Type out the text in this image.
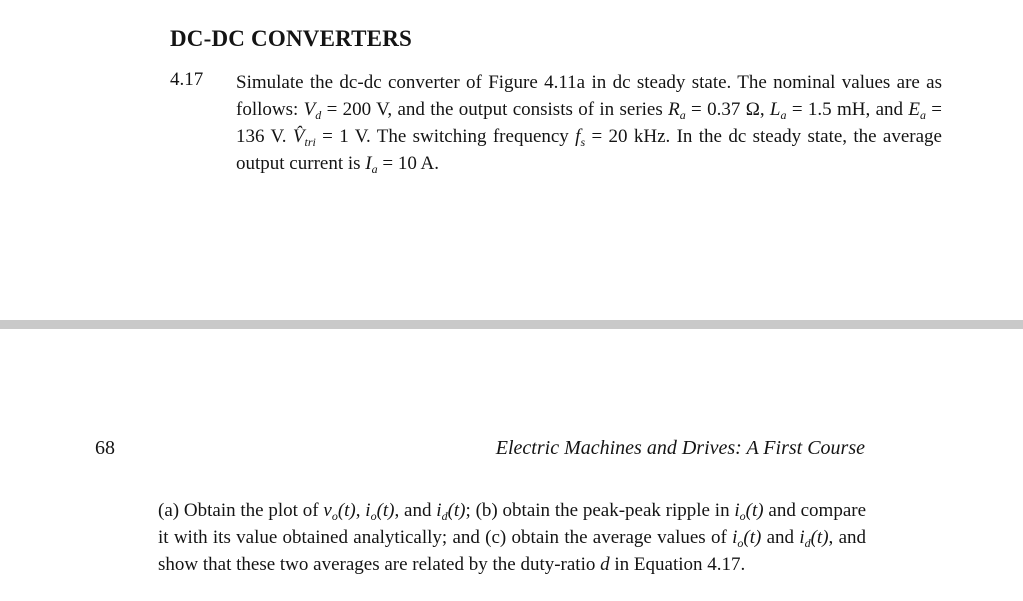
DC-DC CONVERTERS
4.17 Simulate the dc-dc converter of Figure 4.11a in dc steady state. The nominal values are as follows: $V_d = 200$ V, and the output consists of in series $R_a = 0.37$ Ω, $L_a = 1.5$ mH, and $E_a = 136$ V. $V̂_{tri} = 1$ V. The switching frequency $f_s = 20$ kHz. In the dc steady state, the average output current is $I_a = 10$ A.
68	Electric Machines and Drives: A First Course
(a) Obtain the plot of $v_o(t)$, $i_o(t)$, and $i_d(t)$; (b) obtain the peak-peak ripple in $i_o(t)$ and compare it with its value obtained analytically; and (c) obtain the average values of $i_o(t)$ and $i_d(t)$, and show that these two averages are related by the duty-ratio d in Equation 4.17.
